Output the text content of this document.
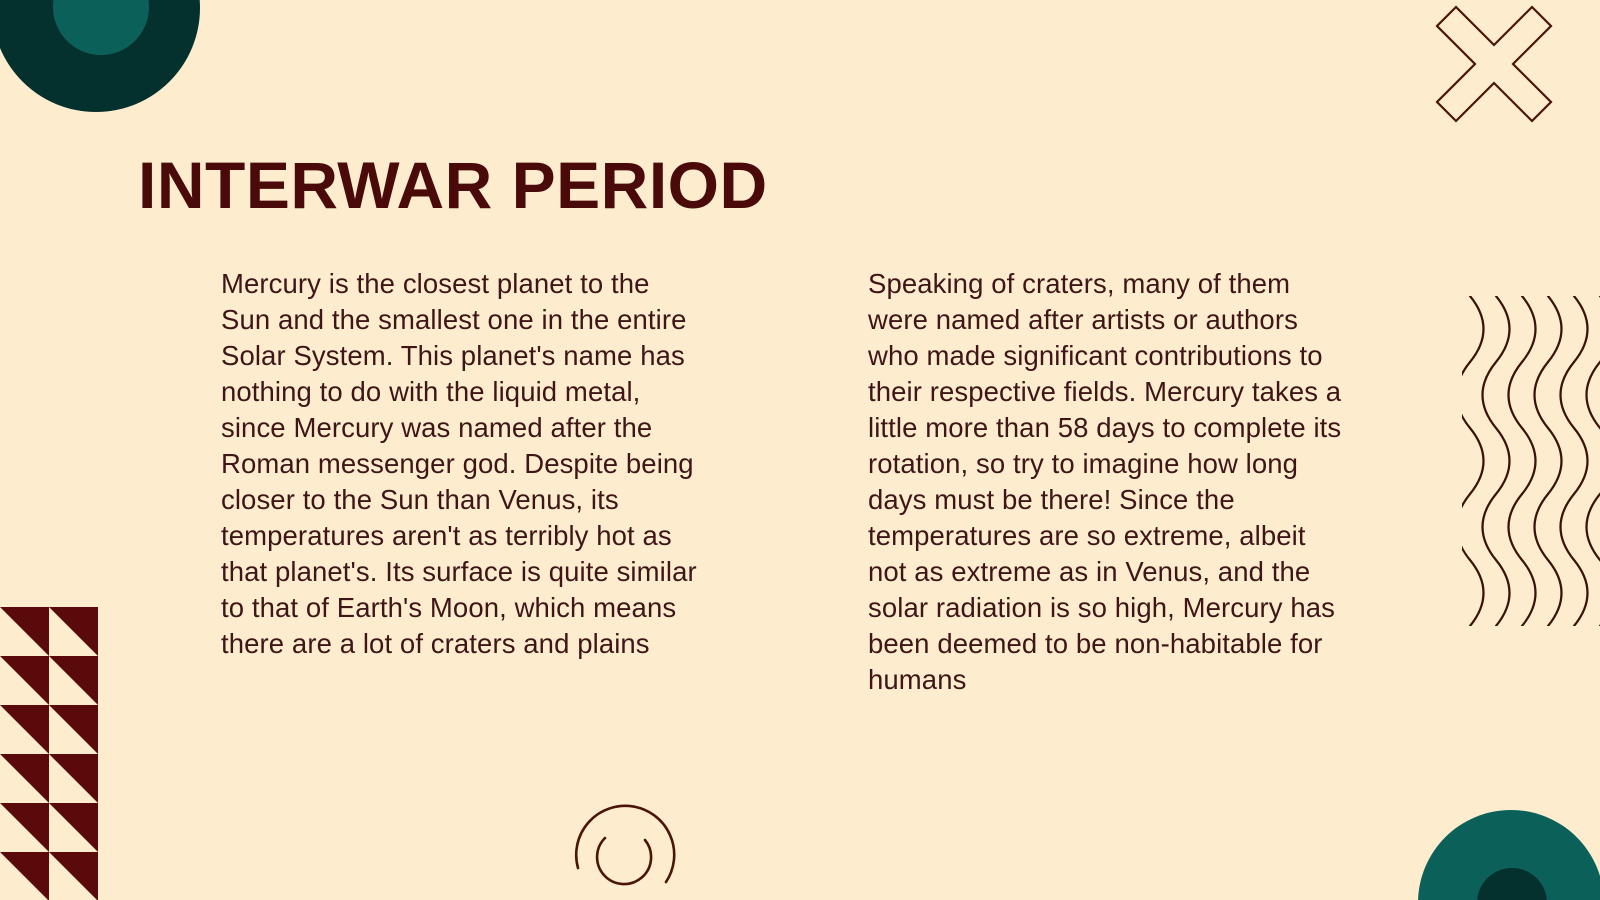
INTERWAR PERIOD
Mercury is the closest planet to the Sun and the smallest one in the entire Solar System. This planet's name has nothing to do with the liquid metal, since Mercury was named after the Roman messenger god. Despite being closer to the Sun than Venus, its temperatures aren't as terribly hot as that planet's. Its surface is quite similar to that of Earth's Moon, which means there are a lot of craters and plains
Speaking of craters, many of them were named after artists or authors who made significant contributions to their respective fields. Mercury takes a little more than 58 days to complete its rotation, so try to imagine how long days must be there! Since the temperatures are so extreme, albeit not as extreme as in Venus, and the solar radiation is so high, Mercury has been deemed to be non-habitable for humans
